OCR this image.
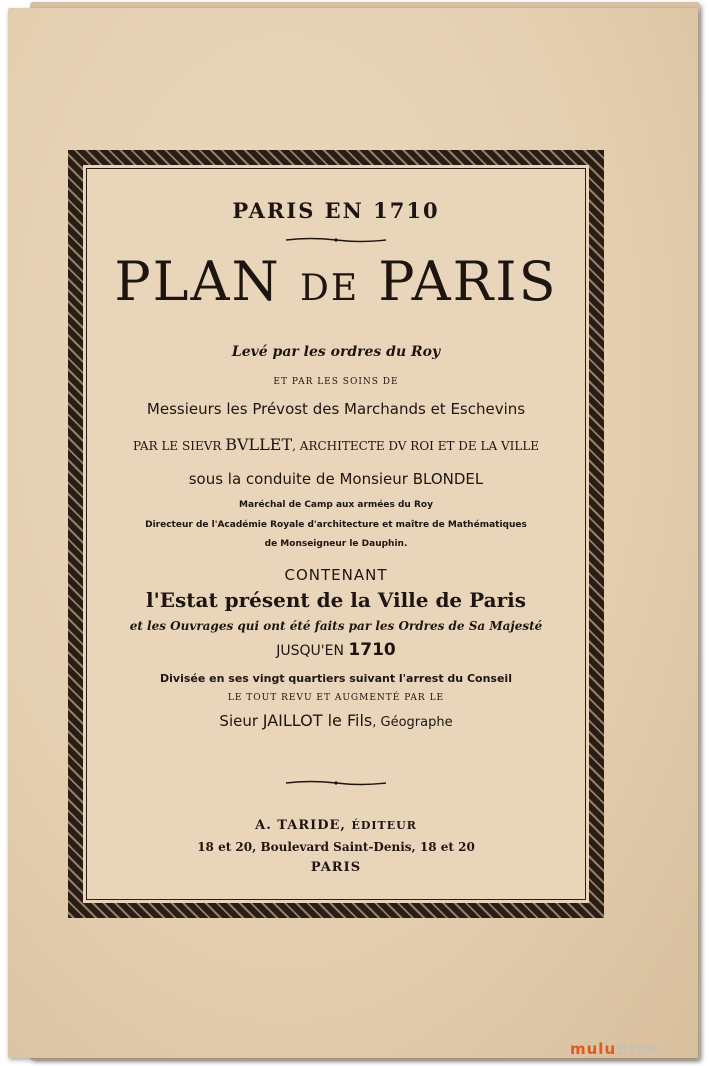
PARIS EN 1710
PLAN DE PARIS
Levé par les ordres du Roy
ET PAR LES SOINS DE
Messieurs les Prévost des Marchands et Eschevins
PAR LE SIEVR BVLLET, ARCHITECTE DV ROI ET DE LA VILLE
sous la conduite de Monsieur BLONDEL
Maréchal de Camp aux armées du Roy
Directeur de l'Académie Royale d'architecture et maître de Mathématiques
de Monseigneur le Dauphin.
CONTENANT
l'Estat présent de la Ville de Paris
et les Ouvrages qui ont été faits par les Ordres de Sa Majesté
JUSQU'EN 1710
Divisée en ses vingt quartiers suivant l'arrest du Conseil
LE TOUT REVU ET AUGMENTÉ PAR LE
Sieur JAILLOT le Fils, Géographe
A. TARIDE, ÉDITEUR
18 et 20, Boulevard Saint-Denis, 18 et 20
PARIS
muluBrok
